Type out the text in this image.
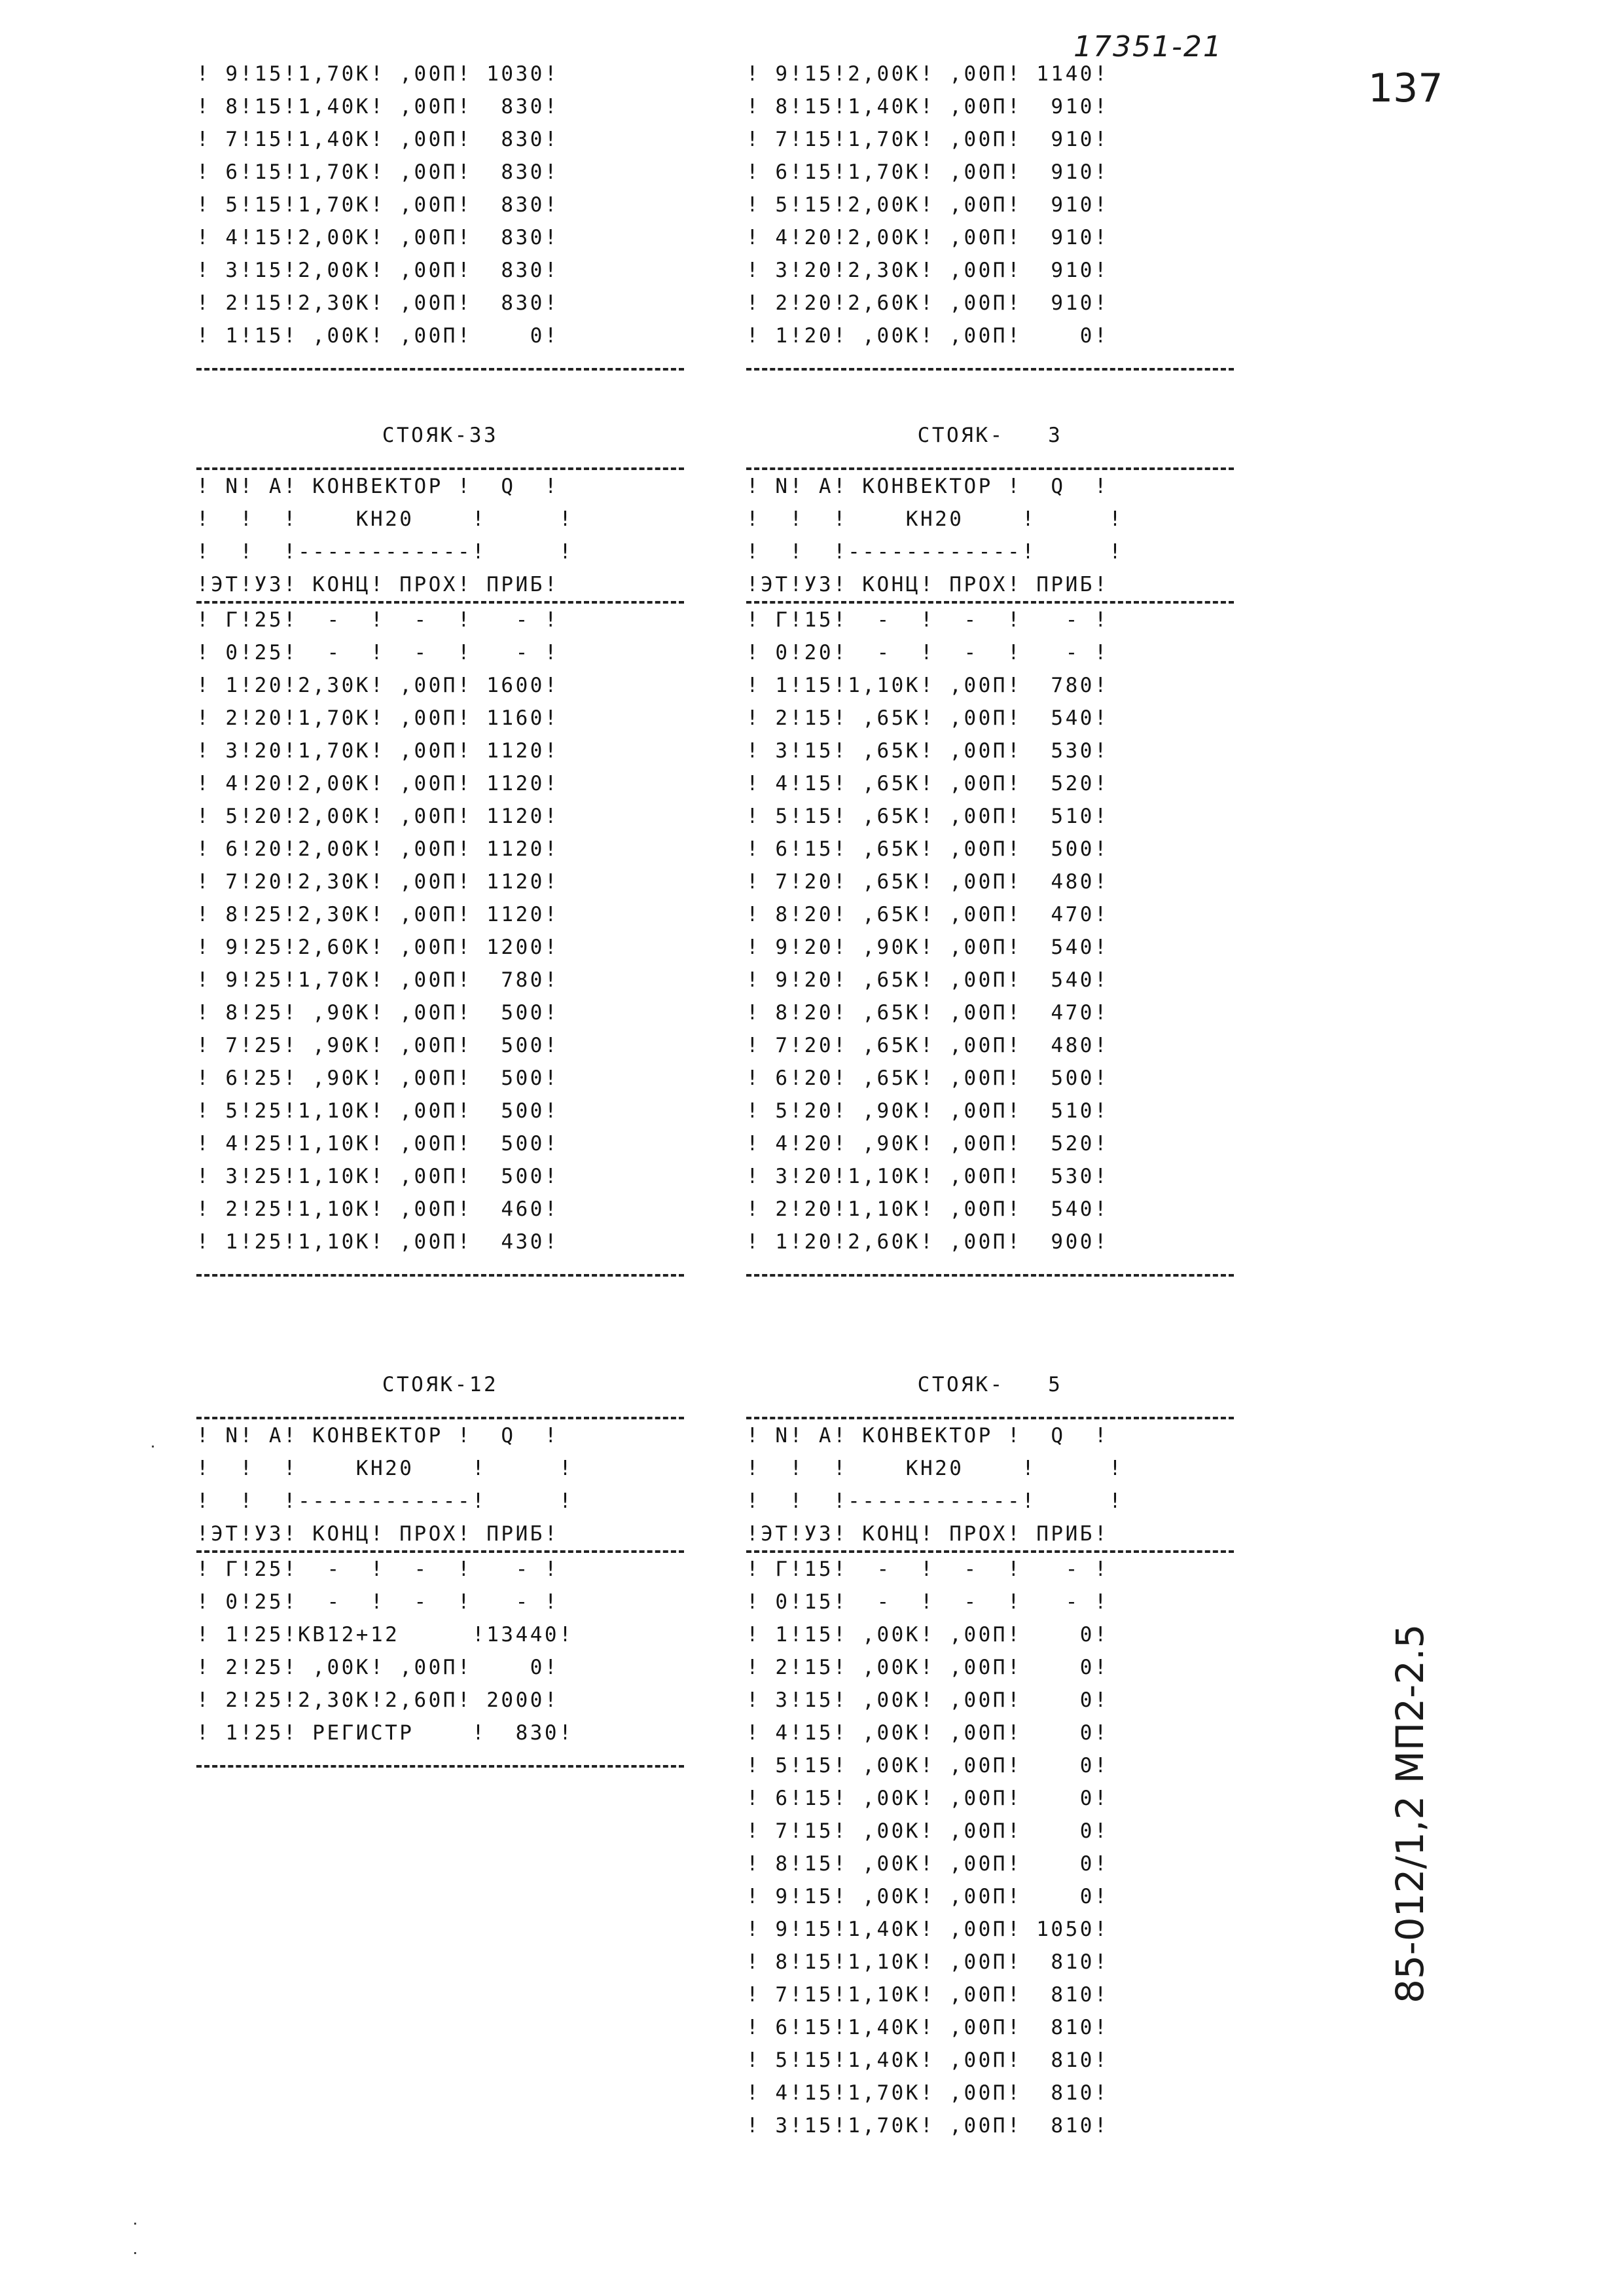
17351-21
137
85-012/1,2 МП2-2.5
! 9!15!1,70К! ,00П! 1030!
! 8!15!1,40К! ,00П!  830!
! 7!15!1,40К! ,00П!  830!
! 6!15!1,70К! ,00П!  830!
! 5!15!1,70К! ,00П!  830!
! 4!15!2,00К! ,00П!  830!
! 3!15!2,00К! ,00П!  830!
! 2!15!2,30К! ,00П!  830!
! 1!15! ,00К! ,00П!    0!
! 9!15!2,00К! ,00П! 1140!
! 8!15!1,40К! ,00П!  910!
! 7!15!1,70К! ,00П!  910!
! 6!15!1,70К! ,00П!  910!
! 5!15!2,00К! ,00П!  910!
! 4!20!2,00К! ,00П!  910!
! 3!20!2,30К! ,00П!  910!
! 2!20!2,60К! ,00П!  910!
! 1!20! ,00К! ,00П!    0!
СТОЯК-33
! N! А! КОНВЕКТОР !  Q  !
!  !  !    КН20    !     !
!  !  !------------!     !
!ЭТ!УЗ! КОНЦ! ПРОХ! ПРИБ!
! Г!25!  -  !  -  !   - !
! 0!25!  -  !  -  !   - !
! 1!20!2,30К! ,00П! 1600!
! 2!20!1,70К! ,00П! 1160!
! 3!20!1,70К! ,00П! 1120!
! 4!20!2,00К! ,00П! 1120!
! 5!20!2,00К! ,00П! 1120!
! 6!20!2,00К! ,00П! 1120!
! 7!20!2,30К! ,00П! 1120!
! 8!25!2,30К! ,00П! 1120!
! 9!25!2,60К! ,00П! 1200!
! 9!25!1,70К! ,00П!  780!
! 8!25! ,90К! ,00П!  500!
! 7!25! ,90К! ,00П!  500!
! 6!25! ,90К! ,00П!  500!
! 5!25!1,10К! ,00П!  500!
! 4!25!1,10К! ,00П!  500!
! 3!25!1,10К! ,00П!  500!
! 2!25!1,10К! ,00П!  460!
! 1!25!1,10К! ,00П!  430!
СТОЯК-   3
! N! А! КОНВЕКТОР !  Q  !
!  !  !    КН20    !     !
!  !  !------------!     !
!ЭТ!УЗ! КОНЦ! ПРОХ! ПРИБ!
! Г!15!  -  !  -  !   - !
! 0!20!  -  !  -  !   - !
! 1!15!1,10К! ,00П!  780!
! 2!15! ,65К! ,00П!  540!
! 3!15! ,65К! ,00П!  530!
! 4!15! ,65К! ,00П!  520!
! 5!15! ,65К! ,00П!  510!
! 6!15! ,65К! ,00П!  500!
! 7!20! ,65К! ,00П!  480!
! 8!20! ,65К! ,00П!  470!
! 9!20! ,90К! ,00П!  540!
! 9!20! ,65К! ,00П!  540!
! 8!20! ,65К! ,00П!  470!
! 7!20! ,65К! ,00П!  480!
! 6!20! ,65К! ,00П!  500!
! 5!20! ,90К! ,00П!  510!
! 4!20! ,90К! ,00П!  520!
! 3!20!1,10К! ,00П!  530!
! 2!20!1,10К! ,00П!  540!
! 1!20!2,60К! ,00П!  900!
СТОЯК-12
! N! А! КОНВЕКТОР !  Q  !
!  !  !    КН20    !     !
!  !  !------------!     !
!ЭТ!УЗ! КОНЦ! ПРОХ! ПРИБ!
! Г!25!  -  !  -  !   - !
! 0!25!  -  !  -  !   - !
! 1!25!КВ12+12     !13440!
! 2!25! ,00К! ,00П!    0!
! 2!25!2,30К!2,60П! 2000!
! 1!25! РЕГИСТР    !  830!
СТОЯК-   5
! N! А! КОНВЕКТОР !  Q  !
!  !  !    КН20    !     !
!  !  !------------!     !
!ЭТ!УЗ! КОНЦ! ПРОХ! ПРИБ!
! Г!15!  -  !  -  !   - !
! 0!15!  -  !  -  !   - !
! 1!15! ,00К! ,00П!    0!
! 2!15! ,00К! ,00П!    0!
! 3!15! ,00К! ,00П!    0!
! 4!15! ,00К! ,00П!    0!
! 5!15! ,00К! ,00П!    0!
! 6!15! ,00К! ,00П!    0!
! 7!15! ,00К! ,00П!    0!
! 8!15! ,00К! ,00П!    0!
! 9!15! ,00К! ,00П!    0!
! 9!15!1,40К! ,00П! 1050!
! 8!15!1,10К! ,00П!  810!
! 7!15!1,10К! ,00П!  810!
! 6!15!1,40К! ,00П!  810!
! 5!15!1,40К! ,00П!  810!
! 4!15!1,70К! ,00П!  810!
! 3!15!1,70К! ,00П!  810!
